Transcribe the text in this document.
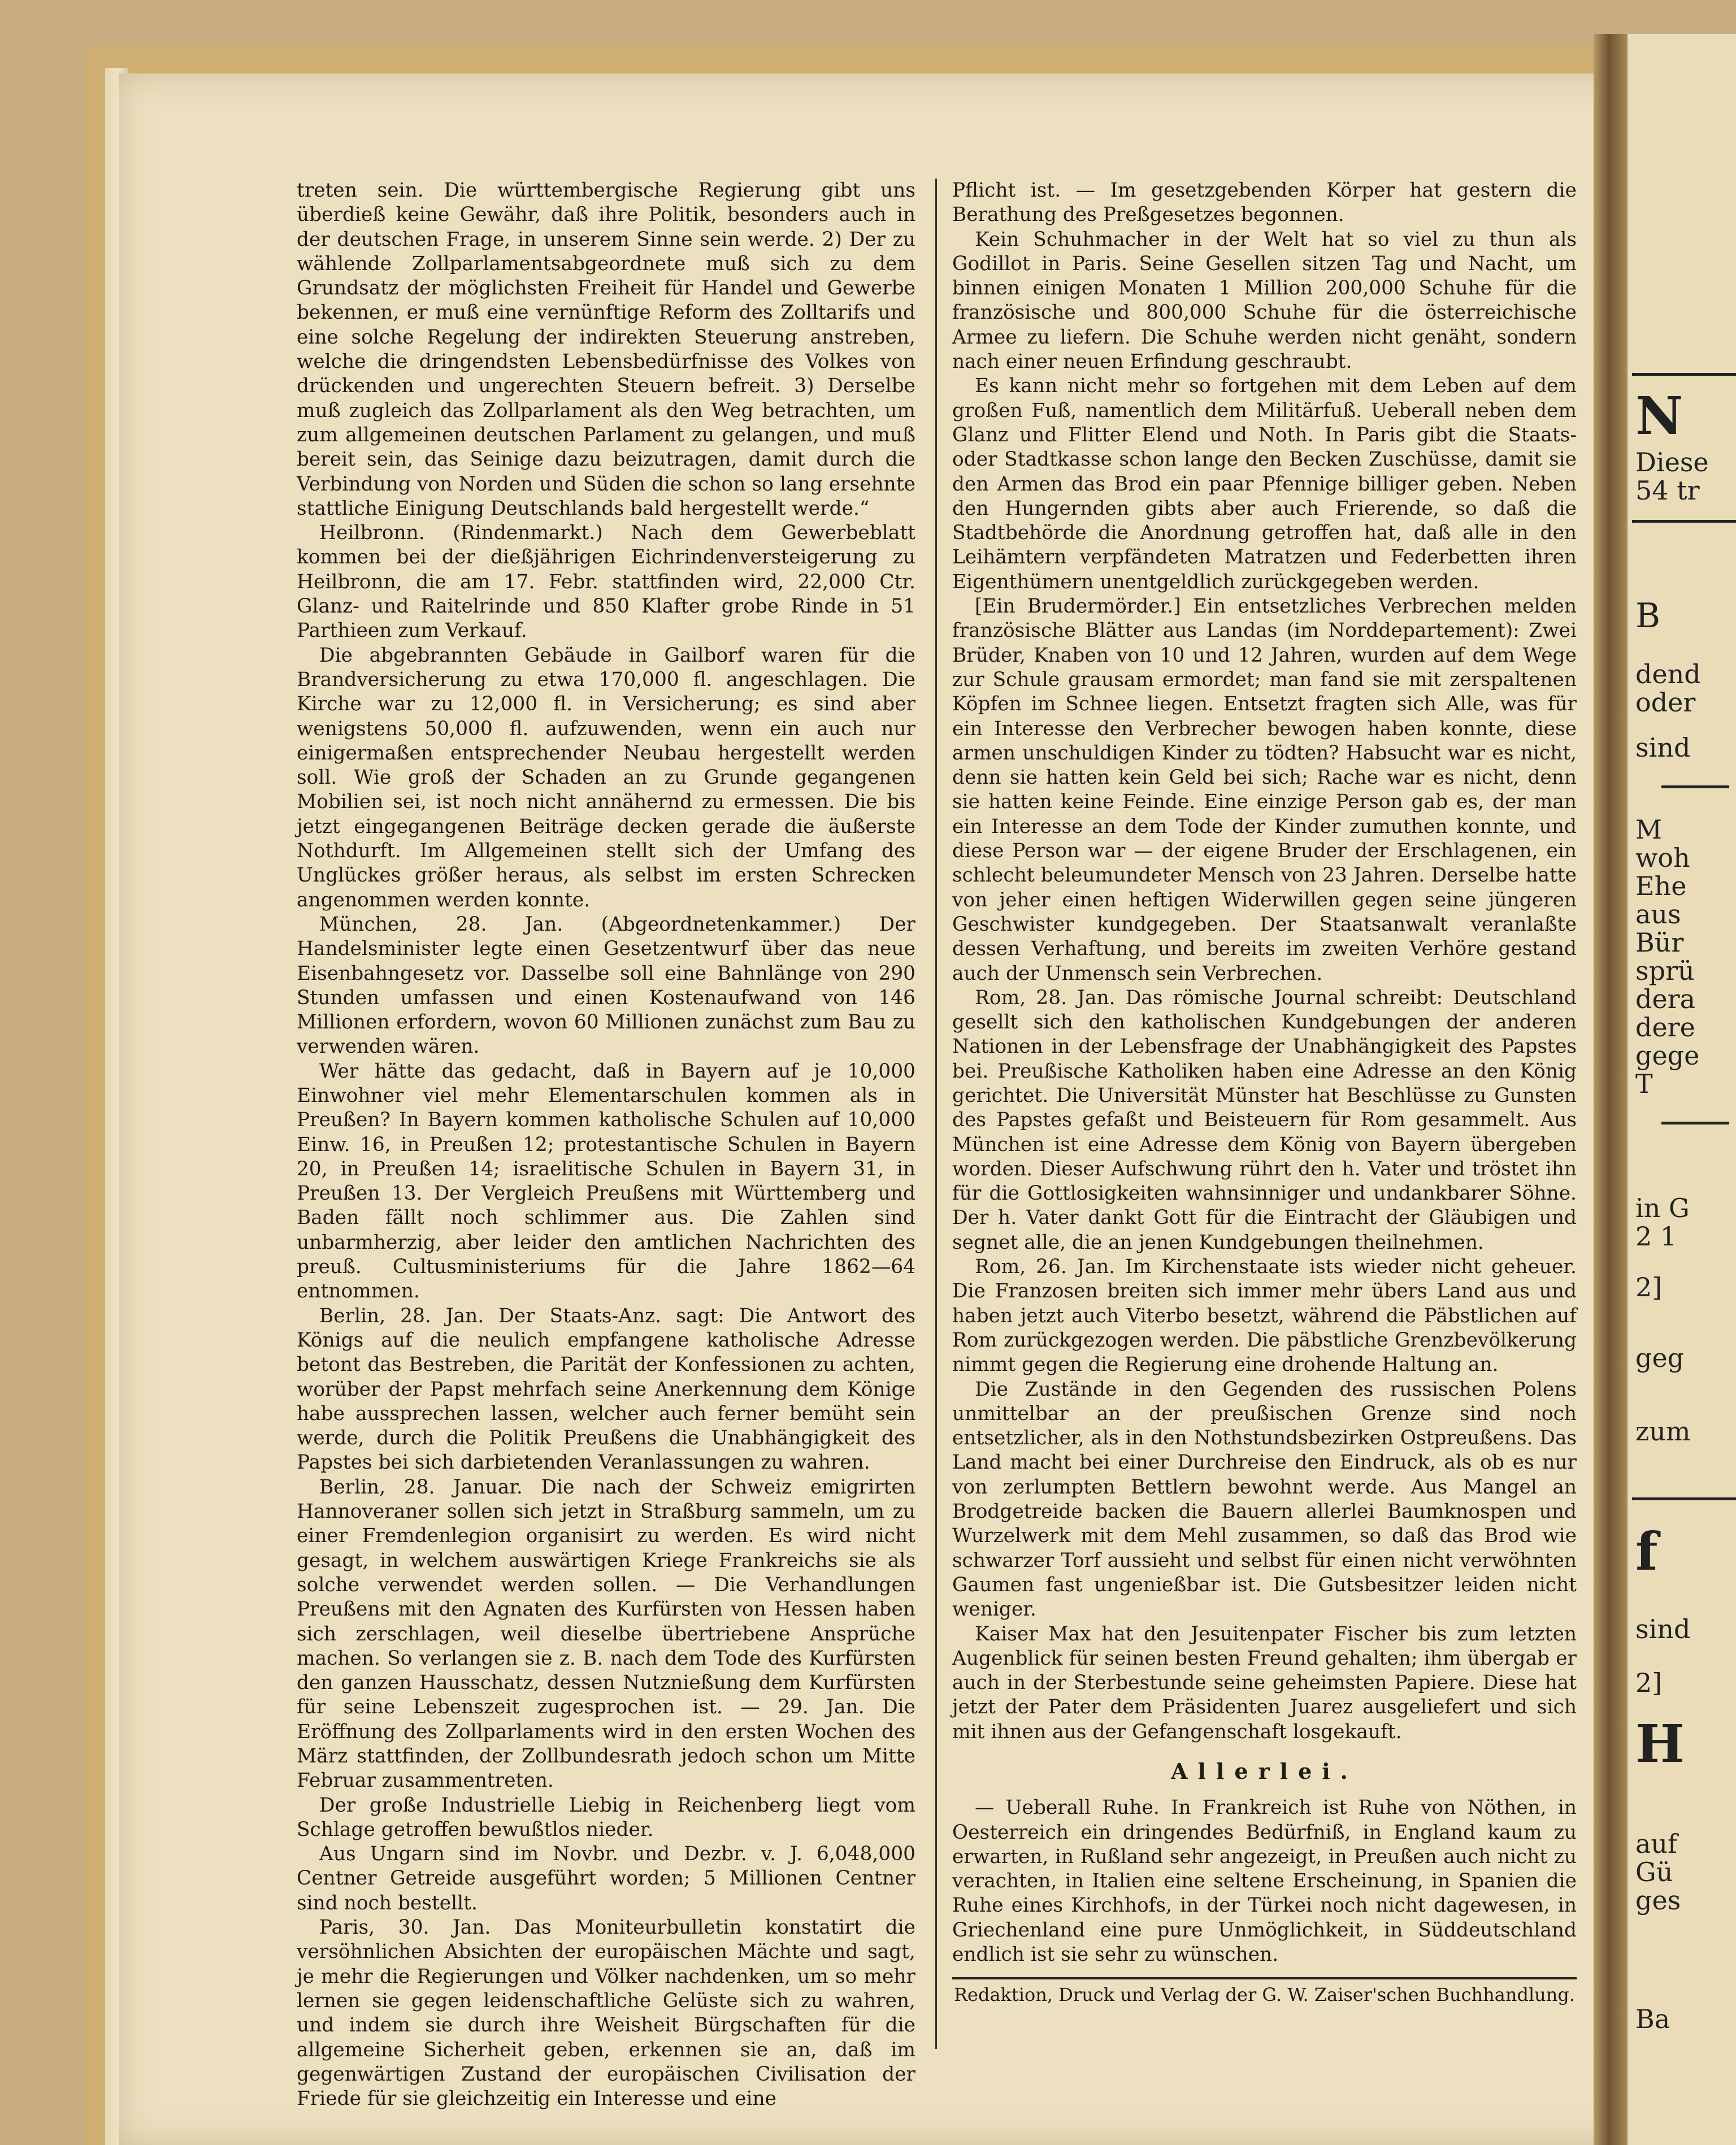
treten sein. Die württembergische Regierung gibt uns überdieß keine Gewähr, daß ihre Politik, besonders auch in der deutschen Frage, in unserem Sinne sein werde. 2) Der zu wählende Zollparlamentsabgeordnete muß sich zu dem Grundsatz der möglichsten Freiheit für Handel und Gewerbe bekennen, er muß eine vernünftige Reform des Zolltarifs und eine solche Regelung der indirekten Steuerung anstreben, welche die dringendsten Lebensbedürfnisse des Volkes von drückenden und ungerechten Steuern befreit. 3) Derselbe muß zugleich das Zollparlament als den Weg betrachten, um zum allgemeinen deutschen Parlament zu gelangen, und muß bereit sein, das Seinige dazu beizutragen, damit durch die Verbindung von Norden und Süden die schon so lang ersehnte stattliche Einigung Deutschlands bald hergestellt werde.“

Heilbronn. (Rindenmarkt.) Nach dem Gewerbeblatt kommen bei der dießjährigen Eichrindenversteigerung zu Heilbronn, die am 17. Febr. stattfinden wird, 22,000 Ctr. Glanz- und Raitelrinde und 850 Klafter grobe Rinde in 51 Parthieen zum Verkauf.

Die abgebrannten Gebäude in Gailborf waren für die Brandversicherung zu etwa 170,000 fl. angeschlagen. Die Kirche war zu 12,000 fl. in Versicherung; es sind aber wenigstens 50,000 fl. aufzuwenden, wenn ein auch nur einigermaßen entsprechender Neubau hergestellt werden soll. Wie groß der Schaden an zu Grunde gegangenen Mobilien sei, ist noch nicht annähernd zu ermessen. Die bis jetzt eingegangenen Beiträge decken gerade die äußerste Nothdurft. Im Allgemeinen stellt sich der Umfang des Unglückes größer heraus, als selbst im ersten Schrecken angenommen werden konnte.

München, 28. Jan. (Abgeordnetenkammer.) Der Handelsminister legte einen Gesetzentwurf über das neue Eisenbahngesetz vor. Dasselbe soll eine Bahnlänge von 290 Stunden umfassen und einen Kostenaufwand von 146 Millionen erfordern, wovon 60 Millionen zunächst zum Bau zu verwenden wären.

Wer hätte das gedacht, daß in Bayern auf je 10,000 Einwohner viel mehr Elementarschulen kommen als in Preußen? In Bayern kommen katholische Schulen auf 10,000 Einw. 16, in Preußen 12; protestantische Schulen in Bayern 20, in Preußen 14; israelitische Schulen in Bayern 31, in Preußen 13. Der Vergleich Preußens mit Württemberg und Baden fällt noch schlimmer aus. Die Zahlen sind unbarmherzig, aber leider den amtlichen Nachrichten des preuß. Cultusministeriums für die Jahre 1862—64 entnommen.

Berlin, 28. Jan. Der Staats-Anz. sagt: Die Antwort des Königs auf die neulich empfangene katholische Adresse betont das Bestreben, die Parität der Konfessionen zu achten, worüber der Papst mehrfach seine Anerkennung dem Könige habe aussprechen lassen, welcher auch ferner bemüht sein werde, durch die Politik Preußens die Unabhängigkeit des Papstes bei sich darbietenden Veranlassungen zu wahren.

Berlin, 28. Januar. Die nach der Schweiz emigrirten Hannoveraner sollen sich jetzt in Straßburg sammeln, um zu einer Fremdenlegion organisirt zu werden. Es wird nicht gesagt, in welchem auswärtigen Kriege Frankreichs sie als solche verwendet werden sollen. — Die Verhandlungen Preußens mit den Agnaten des Kurfürsten von Hessen haben sich zerschlagen, weil dieselbe übertriebene Ansprüche machen. So verlangen sie z. B. nach dem Tode des Kurfürsten den ganzen Hausschatz, dessen Nutznießung dem Kurfürsten für seine Lebenszeit zugesprochen ist. — 29. Jan. Die Eröffnung des Zollparlaments wird in den ersten Wochen des März stattfinden, der Zollbundesrath jedoch schon um Mitte Februar zusammentreten.

Der große Industrielle Liebig in Reichenberg liegt vom Schlage getroffen bewußtlos nieder.

Aus Ungarn sind im Novbr. und Dezbr. v. J. 6,048,000 Centner Getreide ausgeführt worden; 5 Millionen Centner sind noch bestellt.

Paris, 30. Jan. Das Moniteurbulletin konstatirt die versöhnlichen Absichten der europäischen Mächte und sagt, je mehr die Regierungen und Völker nachdenken, um so mehr lernen sie gegen leidenschaftliche Gelüste sich zu wahren, und indem sie durch ihre Weisheit Bürgschaften für die allgemeine Sicherheit geben, erkennen sie an, daß im gegenwärtigen Zustand der europäischen Civilisation der Friede für sie gleichzeitig ein Interesse und eine

Pflicht ist. — Im gesetzgebenden Körper hat gestern die Berathung des Preßgesetzes begonnen.

Kein Schuhmacher in der Welt hat so viel zu thun als Godillot in Paris. Seine Gesellen sitzen Tag und Nacht, um binnen einigen Monaten 1 Million 200,000 Schuhe für die französische und 800,000 Schuhe für die österreichische Armee zu liefern. Die Schuhe werden nicht genäht, sondern nach einer neuen Erfindung geschraubt.

Es kann nicht mehr so fortgehen mit dem Leben auf dem großen Fuß, namentlich dem Militärfuß. Ueberall neben dem Glanz und Flitter Elend und Noth. In Paris gibt die Staats- oder Stadtkasse schon lange den Becken Zuschüsse, damit sie den Armen das Brod ein paar Pfennige billiger geben. Neben den Hungernden gibts aber auch Frierende, so daß die Stadtbehörde die Anordnung getroffen hat, daß alle in den Leihämtern verpfändeten Matratzen und Federbetten ihren Eigenthümern unentgeldlich zurückgegeben werden.

[Ein Brudermörder.] Ein entsetzliches Verbrechen melden französische Blätter aus Landas (im Norddepartement): Zwei Brüder, Knaben von 10 und 12 Jahren, wurden auf dem Wege zur Schule grausam ermordet; man fand sie mit zerspaltenen Köpfen im Schnee liegen. Entsetzt fragten sich Alle, was für ein Interesse den Verbrecher bewogen haben konnte, diese armen unschuldigen Kinder zu tödten? Habsucht war es nicht, denn sie hatten kein Geld bei sich; Rache war es nicht, denn sie hatten keine Feinde. Eine einzige Person gab es, der man ein Interesse an dem Tode der Kinder zumuthen konnte, und diese Person war — der eigene Bruder der Erschlagenen, ein schlecht beleumundeter Mensch von 23 Jahren. Derselbe hatte von jeher einen heftigen Widerwillen gegen seine jüngeren Geschwister kundgegeben. Der Staatsanwalt veranlaßte dessen Verhaftung, und bereits im zweiten Verhöre gestand auch der Unmensch sein Verbrechen.

Rom, 28. Jan. Das römische Journal schreibt: Deutschland gesellt sich den katholischen Kundgebungen der anderen Nationen in der Lebensfrage der Unabhängigkeit des Papstes bei. Preußische Katholiken haben eine Adresse an den König gerichtet. Die Universität Münster hat Beschlüsse zu Gunsten des Papstes gefaßt und Beisteuern für Rom gesammelt. Aus München ist eine Adresse dem König von Bayern übergeben worden. Dieser Aufschwung rührt den h. Vater und tröstet ihn für die Gottlosigkeiten wahnsinniger und undankbarer Söhne. Der h. Vater dankt Gott für die Eintracht der Gläubigen und segnet alle, die an jenen Kundgebungen theilnehmen.

Rom, 26. Jan. Im Kirchenstaate ists wieder nicht geheuer. Die Franzosen breiten sich immer mehr übers Land aus und haben jetzt auch Viterbo besetzt, während die Päbstlichen auf Rom zurückgezogen werden. Die päbstliche Grenzbevölkerung nimmt gegen die Regierung eine drohende Haltung an.

Die Zustände in den Gegenden des russischen Polens unmittelbar an der preußischen Grenze sind noch entsetzlicher, als in den Nothstundsbezirken Ostpreußens. Das Land macht bei einer Durchreise den Eindruck, als ob es nur von zerlumpten Bettlern bewohnt werde. Aus Mangel an Brodgetreide backen die Bauern allerlei Baumknospen und Wurzelwerk mit dem Mehl zusammen, so daß das Brod wie schwarzer Torf aussieht und selbst für einen nicht verwöhnten Gaumen fast ungenießbar ist. Die Gutsbesitzer leiden nicht weniger.

Kaiser Max hat den Jesuitenpater Fischer bis zum letzten Augenblick für seinen besten Freund gehalten; ihm übergab er auch in der Sterbestunde seine geheimsten Papiere. Diese hat jetzt der Pater dem Präsidenten Juarez ausgeliefert und sich mit ihnen aus der Gefangenschaft losgekauft.

Allerlei.

— Ueberall Ruhe. In Frankreich ist Ruhe von Nöthen, in Oesterreich ein dringendes Bedürfniß, in England kaum zu erwarten, in Rußland sehr angezeigt, in Preußen auch nicht zu verachten, in Italien eine seltene Erscheinung, in Spanien die Ruhe eines Kirchhofs, in der Türkei noch nicht dagewesen, in Griechenland eine pure Unmöglichkeit, in Süddeutschland endlich ist sie sehr zu wünschen.

Redaktion, Druck und Verlag der G. W. Zaiser'schen Buchhandlung.

N
Diese
54 tr
B
dend
oder
sind
M
woh
Ehe
aus
Bür
sprü
dera
dere
gege
T
in G
2 1
2]
geg
zum
f
sind
2]
H
auf
Gü
ges
Ba
